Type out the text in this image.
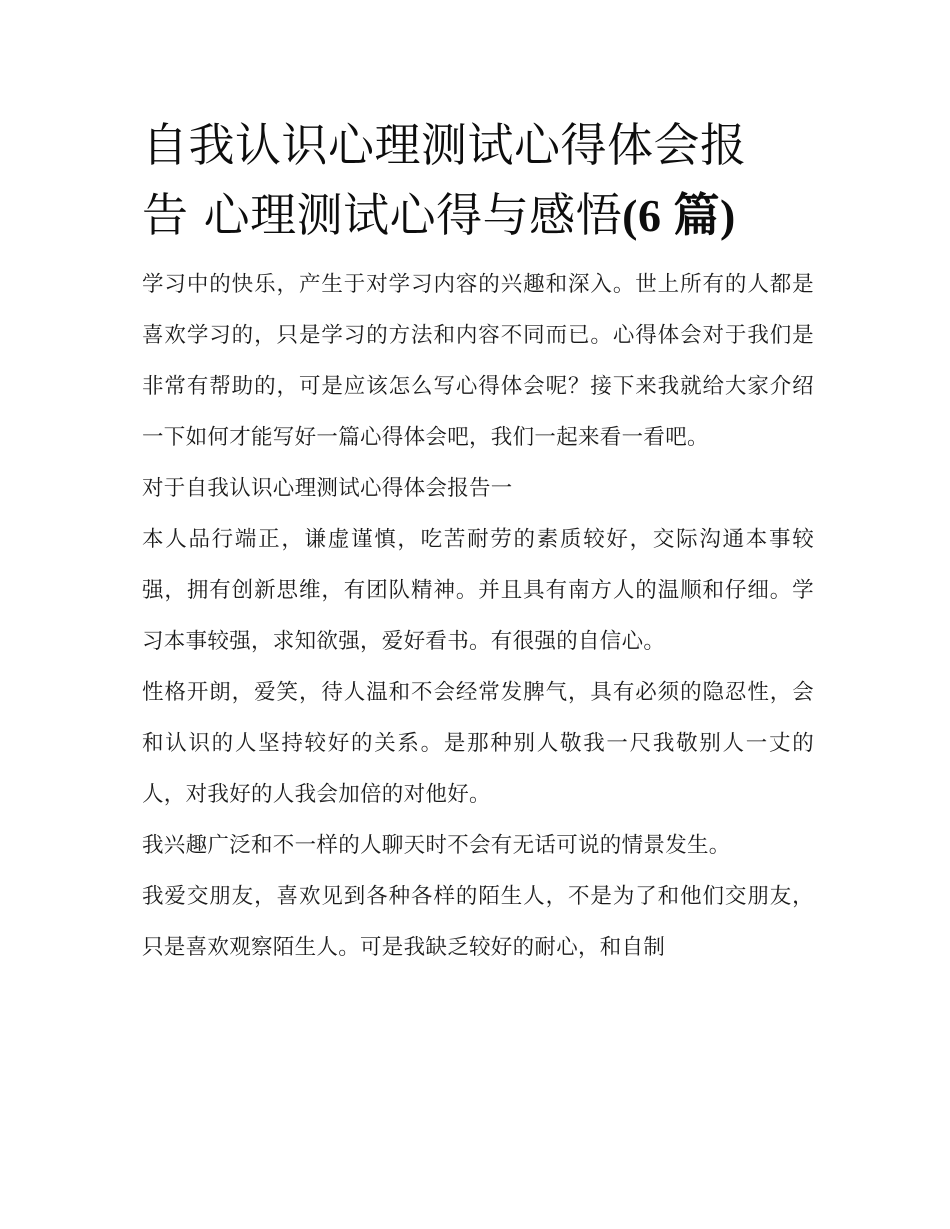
自我认识心理测试心得体会报
告 心理测试心得与感悟(6 篇)

学习中的快乐，产生于对学习内容的兴趣和深入。世上所有的人都是喜欢学习的，只是学习的方法和内容不同而已。心得体会对于我们是非常有帮助的，可是应该怎么写心得体会呢？接下来我就给大家介绍一下如何才能写好一篇心得体会吧，我们一起来看一看吧。

对于自我认识心理测试心得体会报告一

本人品行端正，谦虚谨慎，吃苦耐劳的素质较好，交际沟通本事较强，拥有创新思维，有团队精神。并且具有南方人的温顺和仔细。学习本事较强，求知欲强，爱好看书。有很强的自信心。

性格开朗，爱笑，待人温和不会经常发脾气，具有必须的隐忍性，会和认识的人坚持较好的关系。是那种别人敬我一尺我敬别人一丈的人，对我好的人我会加倍的对他好。

我兴趣广泛和不一样的人聊天时不会有无话可说的情景发生。

我爱交朋友，喜欢见到各种各样的陌生人，不是为了和他们交朋友，只是喜欢观察陌生人。可是我缺乏较好的耐心，和自制
